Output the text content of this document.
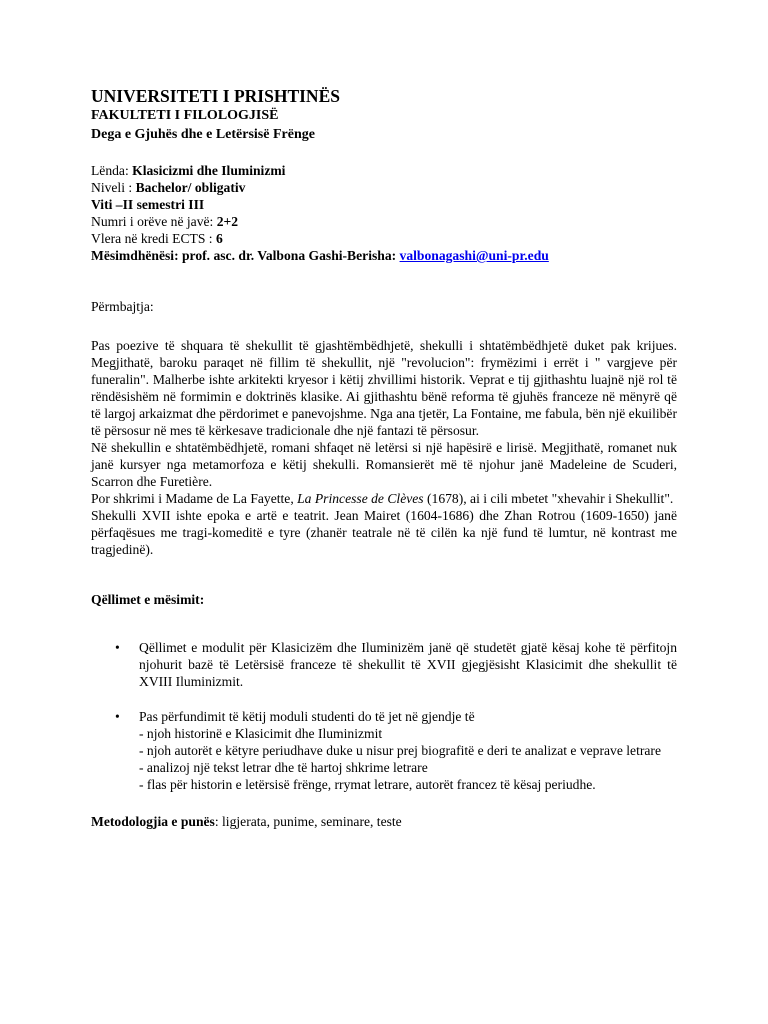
UNIVERSITETI I PRISHTINËS
FAKULTETI I FILOLOGJISË
Dega e Gjuhës dhe e Letërsisë Frënge
Lënda: Klasicizmi dhe Iluminizmi
Niveli : Bachelor/ obligativ
Viti –II semestri III
Numri i orëve në javë: 2+2
Vlera në kredi ECTS : 6
Mësimdhënësi: prof. asc. dr. Valbona Gashi-Berisha: valbonagashi@uni-pr.edu
Përmbajtja:

Pas poezive të shquara të shekullit të gjashtëmbëdhjetë, shekulli i shtatëmbëdhjetë duket pak krijues. Megjithatë, baroku paraqet në fillim të shekullit, një "revolucion": frymëzimi i errët i " vargjeve për funeralin". Malherbe ishte arkitekti kryesor i këtij zhvillimi historik. Veprat e tij gjithashtu luajnë një rol të rëndësishëm në formimin e doktrinës klasike. Ai gjithashtu bënë reforma të gjuhës franceze në mënyrë që të largoj arkaizmat dhe përdorimet e panevojshme. Nga ana tjetër, La Fontaine, me fabula, bën një ekuilibër të përsosur në mes të kërkesave tradicionale dhe një fantazi të përsosur.

Në shekullin e shtatëmbëdhjetë, romani shfaqet në letërsi si një hapësirë e lirisë. Megjithatë, romanet nuk janë kursyer nga metamorfoza e këtij shekulli. Romansierët më të njohur janë Madeleine de Scuderi, Scarron dhe Furetière.

Por shkrimi i Madame de La Fayette, La Princesse de Clèves (1678), ai i cili mbetet "xhevahir i Shekullit".

Shekulli XVII ishte epoka e artë e teatrit. Jean Mairet (1604-1686) dhe Zhan Rotrou (1609-1650) janë përfaqësues me tragi-komeditë e tyre (zhanër teatrale në të cilën ka një fund të lumtur, në kontrast me tragjedinë).

Qëllimet e mësimit:
• Qëllimet e modulit për Klasicizëm dhe Iluminizëm janë që studetët gjatë kësaj kohe të përfitojn njohurit bazë të Letërsisë franceze të shekullit të XVII gjegjësisht Klasicimit dhe shekullit të XVIII Iluminizmit.
• Pas përfundimit të këtij moduli studenti do të jet në gjendje të
- njoh historinë e Klasicimit dhe Iluminizmit
- njoh autorët e këtyre periudhave duke u nisur prej biografitë e deri te analizat e veprave letrare
- analizoj një tekst letrar dhe të hartoj shkrime letrare
- flas për historin e letërsisë frënge, rrymat letrare, autorët francez të kësaj periudhe.
Metodologjia e punës: ligjerata, punime, seminare, teste
